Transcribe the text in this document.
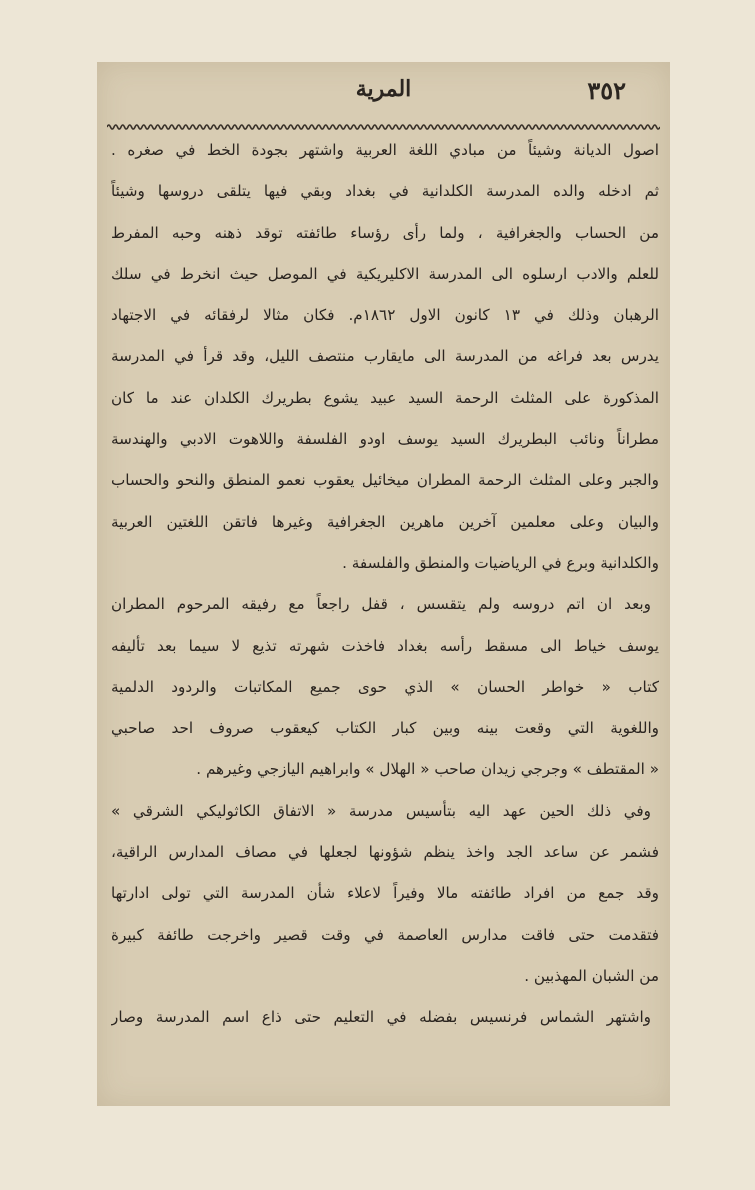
٣٥٢
المرية
اصول الديانة وشيئاً من مبادي اللغة العربية واشتهر بجودة الخط في صغره .
ثم ادخله والده المدرسة الكلدانية في بغداد وبقي فيها يتلقى دروسها وشيئاً
من الحساب والجغرافية ، ولما رأى رؤساء طائفته توقد ذهنه وحبه المفرط
للعلم والادب ارسلوه الى المدرسة الاكليريكية في الموصل حيث انخرط في سلك
الرهبان وذلك في ١٣ كانون الاول ١٨٦٢م. فكان مثالا لرفقائه في الاجتهاد
يدرس بعد فراغه من المدرسة الى مايقارب منتصف الليل، وقد قرأ في المدرسة
المذكورة على المثلث الرحمة السيد عبيد يشوع بطريرك الكلدان عند ما كان
مطراناً ونائب البطريرك السيد يوسف اودو الفلسفة واللاهوت الادبي والهندسة
والجبر وعلى المثلث الرحمة المطران ميخائيل يعقوب نعمو المنطق والنحو والحساب
والبيان وعلى معلمين آخرين ماهرين الجغرافية وغيرها فاتقن اللغتين العربية
والكلدانية وبرع في الرياضيات والمنطق والفلسفة .
وبعد ان اتم دروسه ولم يتقسس ، قفل راجعاً مع رفيقه المرحوم المطران
يوسف خياط الى مسقط رأسه بغداد فاخذت شهرته تذيع لا سيما بعد تأليفه
كتاب « خواطر الحسان » الذي حوى جميع المكاتبات والردود الدلمية
واللغوية التي وقعت بينه وبين كبار الكتاب كيعقوب صروف احد صاحبي
« المقتطف » وجرجي زيدان صاحب « الهلال » وابراهيم اليازجي وغيرهم .
وفي ذلك الحين عهد اليه بتأسيس مدرسة « الاتفاق الكاثوليكي الشرقي »
فشمر عن ساعد الجد واخذ ينظم شؤونها لجعلها في مصاف المدارس الراقية،
وقد جمع من افراد طائفته مالا وفيراً لاعلاء شأن المدرسة التي تولى ادارتها
فتقدمت حتى فاقت مدارس العاصمة في وقت قصير واخرجت طائفة كبيرة
من الشبان المهذبين .
واشتهر الشماس فرنسيس بفضله في التعليم حتى ذاع اسم المدرسة وصار
